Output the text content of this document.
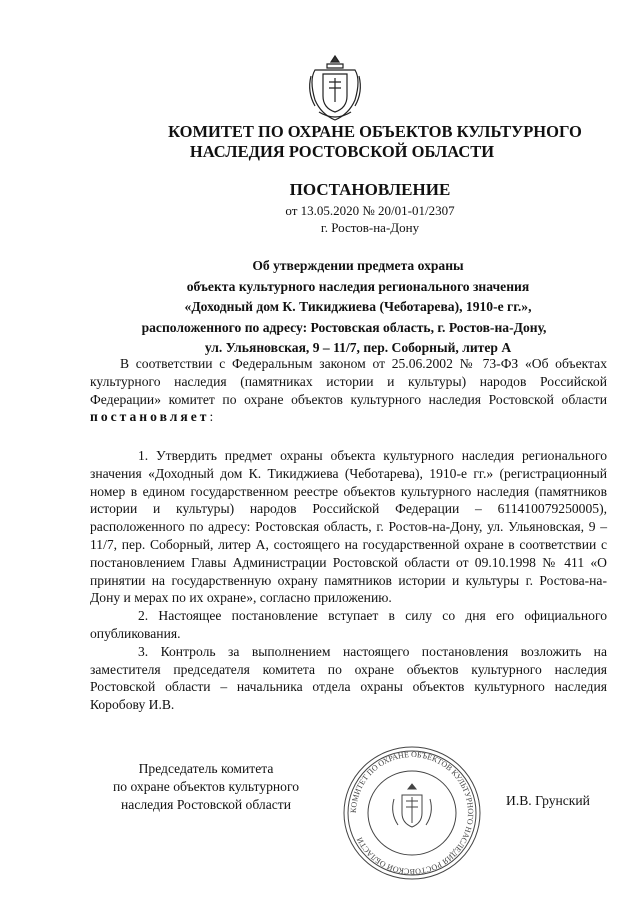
КОМИТЕТ ПО ОХРАНЕ ОБЪЕКТОВ КУЛЬТУРНОГО
НАСЛЕДИЯ РОСТОВСКОЙ ОБЛАСТИ
ПОСТАНОВЛЕНИЕ
от 13.05.2020 № 20/01-01/2307
г. Ростов-на-Дону
Об утверждении предмета охраны
объекта культурного наследия регионального значения
«Доходный дом К. Тикиджиева (Чеботарева), 1910-е гг.»,
расположенного по адресу: Ростовская область, г. Ростов-на-Дону,
ул. Ульяновская, 9 – 11/7, пер. Соборный, литер А

В соответствии с Федеральным законом от 25.06.2002 № 73-ФЗ «Об объектах культурного наследия (памятниках истории и культуры) народов Российской Федерации» комитет по охране объектов культурного наследия Ростовской области постановляет:

1. Утвердить предмет охраны объекта культурного наследия регионального значения «Доходный дом К. Тикиджиева (Чеботарева), 1910-е гг.» (регистрационный номер в едином государственном реестре объектов культурного наследия (памятников истории и культуры) народов Российской Федерации – 611410079250005), расположенного по адресу: Ростовская область, г. Ростов-на-Дону, ул. Ульяновская, 9 – 11/7, пер. Соборный, литер А, состоящего на государственной охране в соответствии с постановлением Главы Администрации Ростовской области от 09.10.1998 № 411 «О принятии на государственную охрану памятников истории и культуры г. Ростова-на-Дону и мерах по их охране», согласно приложению.

2. Настоящее постановление вступает в силу со дня его официального опубликования.

3. Контроль за выполнением настоящего постановления возложить на заместителя председателя комитета по охране объектов культурного наследия Ростовской области – начальника отдела охраны объектов культурного наследия Коробову И.В.

Председатель комитета
по охране объектов культурного
наследия Ростовской области	КОМИТЕТ ПО ОХРАНЕ ОБЪЕКТОВ КУЛЬТУРНОГО НАСЛЕДИЯ РОСТОВСКОЙ ОБЛАСТИ
И.В. Грунский
